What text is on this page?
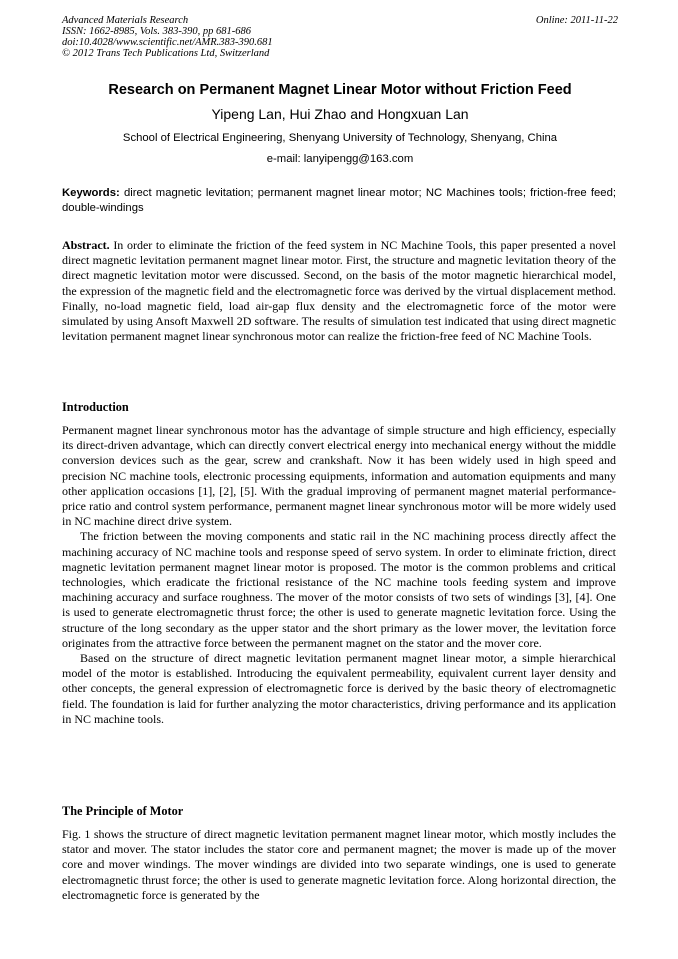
Advanced Materials Research
ISSN: 1662-8985, Vols. 383-390, pp 681-686
doi:10.4028/www.scientific.net/AMR.383-390.681
© 2012 Trans Tech Publications Ltd, Switzerland
Online: 2011-11-22
Research on Permanent Magnet Linear Motor without Friction Feed
Yipeng Lan, Hui Zhao and Hongxuan Lan
School of Electrical Engineering, Shenyang University of Technology, Shenyang, China
e-mail: lanyipengg@163.com
Keywords: direct magnetic levitation; permanent magnet linear motor; NC Machines tools; friction-free feed; double-windings

Abstract. In order to eliminate the friction of the feed system in NC Machine Tools, this paper presented a novel direct magnetic levitation permanent magnet linear motor. First, the structure and magnetic levitation theory of the direct magnetic levitation motor were discussed. Second, on the basis of the motor magnetic hierarchical model, the expression of the magnetic field and the electromagnetic force was derived by the virtual displacement method. Finally, no-load magnetic field, load air-gap flux density and the electromagnetic force of the motor were simulated by using Ansoft Maxwell 2D software. The results of simulation test indicated that using direct magnetic levitation permanent magnet linear synchronous motor can realize the friction-free feed of NC Machine Tools.

Introduction

Permanent magnet linear synchronous motor has the advantage of simple structure and high efficiency, especially its direct-driven advantage, which can directly convert electrical energy into mechanical energy without the middle conversion devices such as the gear, screw and crankshaft. Now it has been widely used in high speed and precision NC machine tools, electronic processing equipments, information and automation equipments and many other application occasions [1], [2], [5]. With the gradual improving of permanent magnet material performance-price ratio and control system performance, permanent magnet linear synchronous motor will be more widely used in NC machine direct drive system.

The friction between the moving components and static rail in the NC machining process directly affect the machining accuracy of NC machine tools and response speed of servo system. In order to eliminate friction, direct magnetic levitation permanent magnet linear motor is proposed. The motor is the common problems and critical technologies, which eradicate the frictional resistance of the NC machine tools feeding system and improve machining accuracy and surface roughness. The mover of the motor consists of two sets of windings [3], [4]. One is used to generate electromagnetic thrust force; the other is used to generate magnetic levitation force. Using the structure of the long secondary as the upper stator and the short primary as the lower mover, the levitation force originates from the attractive force between the permanent magnet on the stator and the mover core.

Based on the structure of direct magnetic levitation permanent magnet linear motor, a simple hierarchical model of the motor is established. Introducing the equivalent permeability, equivalent current layer density and other concepts, the general expression of electromagnetic force is derived by the basic theory of electromagnetic field. The foundation is laid for further analyzing the motor characteristics, driving performance and its application in NC machine tools.

The Principle of Motor

Fig. 1 shows the structure of direct magnetic levitation permanent magnet linear motor, which mostly includes the stator and mover. The stator includes the stator core and permanent magnet; the mover is made up of the mover core and mover windings. The mover windings are divided into two separate windings, one is used to generate electromagnetic thrust force; the other is used to generate magnetic levitation force. Along horizontal direction, the electromagnetic force is generated by the
